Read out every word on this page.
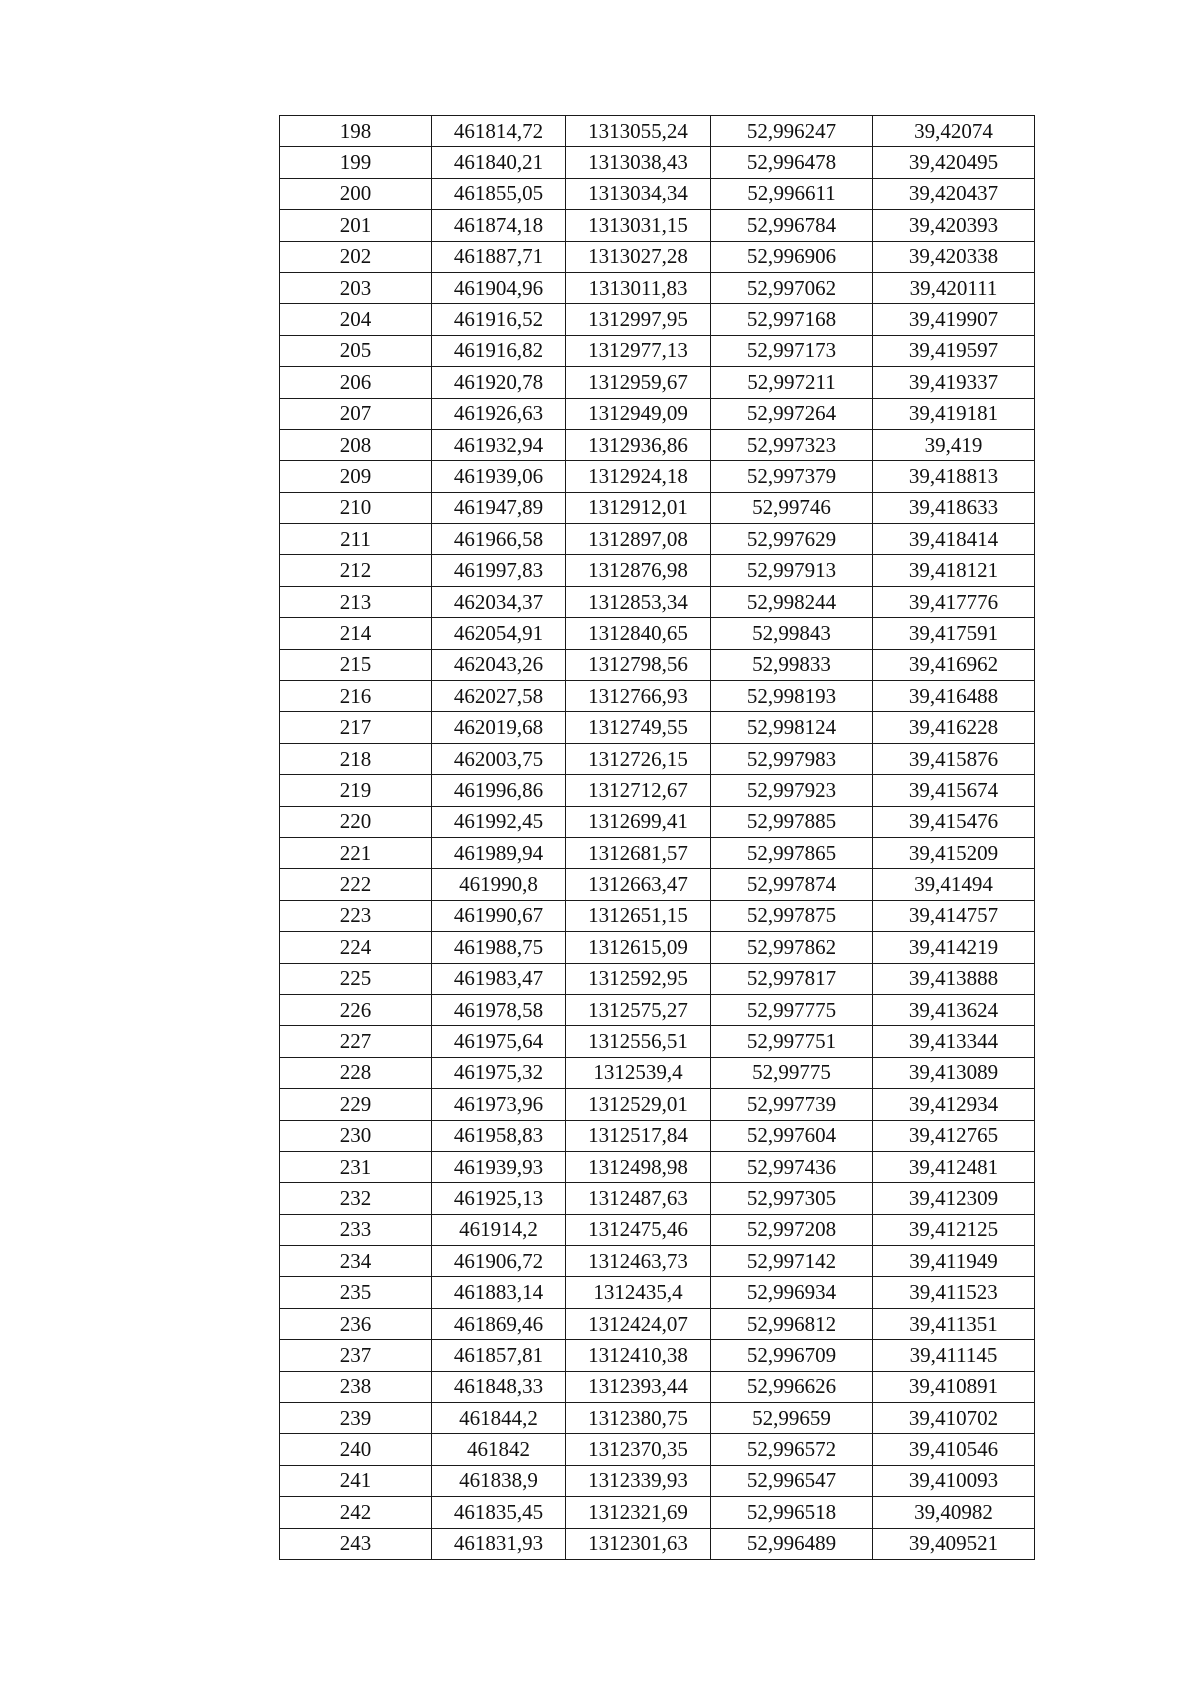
198	461814,72	1313055,24	52,996247	39,42074
199	461840,21	1313038,43	52,996478	39,420495
200	461855,05	1313034,34	52,996611	39,420437
201	461874,18	1313031,15	52,996784	39,420393
202	461887,71	1313027,28	52,996906	39,420338
203	461904,96	1313011,83	52,997062	39,420111
204	461916,52	1312997,95	52,997168	39,419907
205	461916,82	1312977,13	52,997173	39,419597
206	461920,78	1312959,67	52,997211	39,419337
207	461926,63	1312949,09	52,997264	39,419181
208	461932,94	1312936,86	52,997323	39,419
209	461939,06	1312924,18	52,997379	39,418813
210	461947,89	1312912,01	52,99746	39,418633
211	461966,58	1312897,08	52,997629	39,418414
212	461997,83	1312876,98	52,997913	39,418121
213	462034,37	1312853,34	52,998244	39,417776
214	462054,91	1312840,65	52,99843	39,417591
215	462043,26	1312798,56	52,99833	39,416962
216	462027,58	1312766,93	52,998193	39,416488
217	462019,68	1312749,55	52,998124	39,416228
218	462003,75	1312726,15	52,997983	39,415876
219	461996,86	1312712,67	52,997923	39,415674
220	461992,45	1312699,41	52,997885	39,415476
221	461989,94	1312681,57	52,997865	39,415209
222	461990,8	1312663,47	52,997874	39,41494
223	461990,67	1312651,15	52,997875	39,414757
224	461988,75	1312615,09	52,997862	39,414219
225	461983,47	1312592,95	52,997817	39,413888
226	461978,58	1312575,27	52,997775	39,413624
227	461975,64	1312556,51	52,997751	39,413344
228	461975,32	1312539,4	52,99775	39,413089
229	461973,96	1312529,01	52,997739	39,412934
230	461958,83	1312517,84	52,997604	39,412765
231	461939,93	1312498,98	52,997436	39,412481
232	461925,13	1312487,63	52,997305	39,412309
233	461914,2	1312475,46	52,997208	39,412125
234	461906,72	1312463,73	52,997142	39,411949
235	461883,14	1312435,4	52,996934	39,411523
236	461869,46	1312424,07	52,996812	39,411351
237	461857,81	1312410,38	52,996709	39,411145
238	461848,33	1312393,44	52,996626	39,410891
239	461844,2	1312380,75	52,99659	39,410702
240	461842	1312370,35	52,996572	39,410546
241	461838,9	1312339,93	52,996547	39,410093
242	461835,45	1312321,69	52,996518	39,40982
243	461831,93	1312301,63	52,996489	39,409521
